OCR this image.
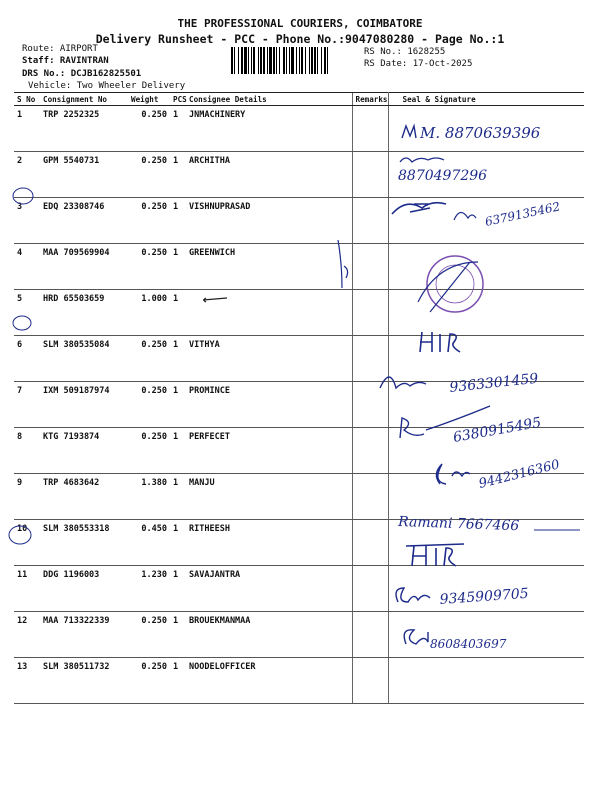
THE PROFESSIONAL COURIERS, COIMBATORE
Delivery Runsheet - PCC - Phone No.:9047080280 - Page No.:1
Route: AIRPORT
Staff: RAVINTRAN
DRS No.: DCJB162825501
Vehicle: Two Wheeler Delivery
RS No.: 1628255
RS Date: 17-Oct-2025
S No	Consignment No	Weight	PCS	Consignee Details	Remarks	Seal & Signature
1	TRP 2252325	0.250	1	JNMACHINERY		
2	GPM 5540731	0.250	1	ARCHITHA		
3	EDQ 23308746	0.250	1	VISHNUPRASAD		
4	MAA 709569904	0.250	1	GREENWICH		
5	HRD 65503659	1.000	1			
6	SLM 380535084	0.250	1	VITHYA		
7	IXM 509187974	0.250	1	PROMINCE		
8	KTG 7193874	0.250	1	PERFECET		
9	TRP 4683642	1.380	1	MANJU		
10	SLM 380553318	0.450	1	RITHEESH		
11	DDG 1196003	1.230	1	SAVAJANTRA		
12	MAA 713322339	0.250	1	BROUEKMANMAA		
13	SLM 380511732	0.250	1	NOODELOFFICER		
M. 8870639396
8870497296
6379135462
9363301459
6380915495
9442316360
Ramani 7667466
9345909705
8608403697
